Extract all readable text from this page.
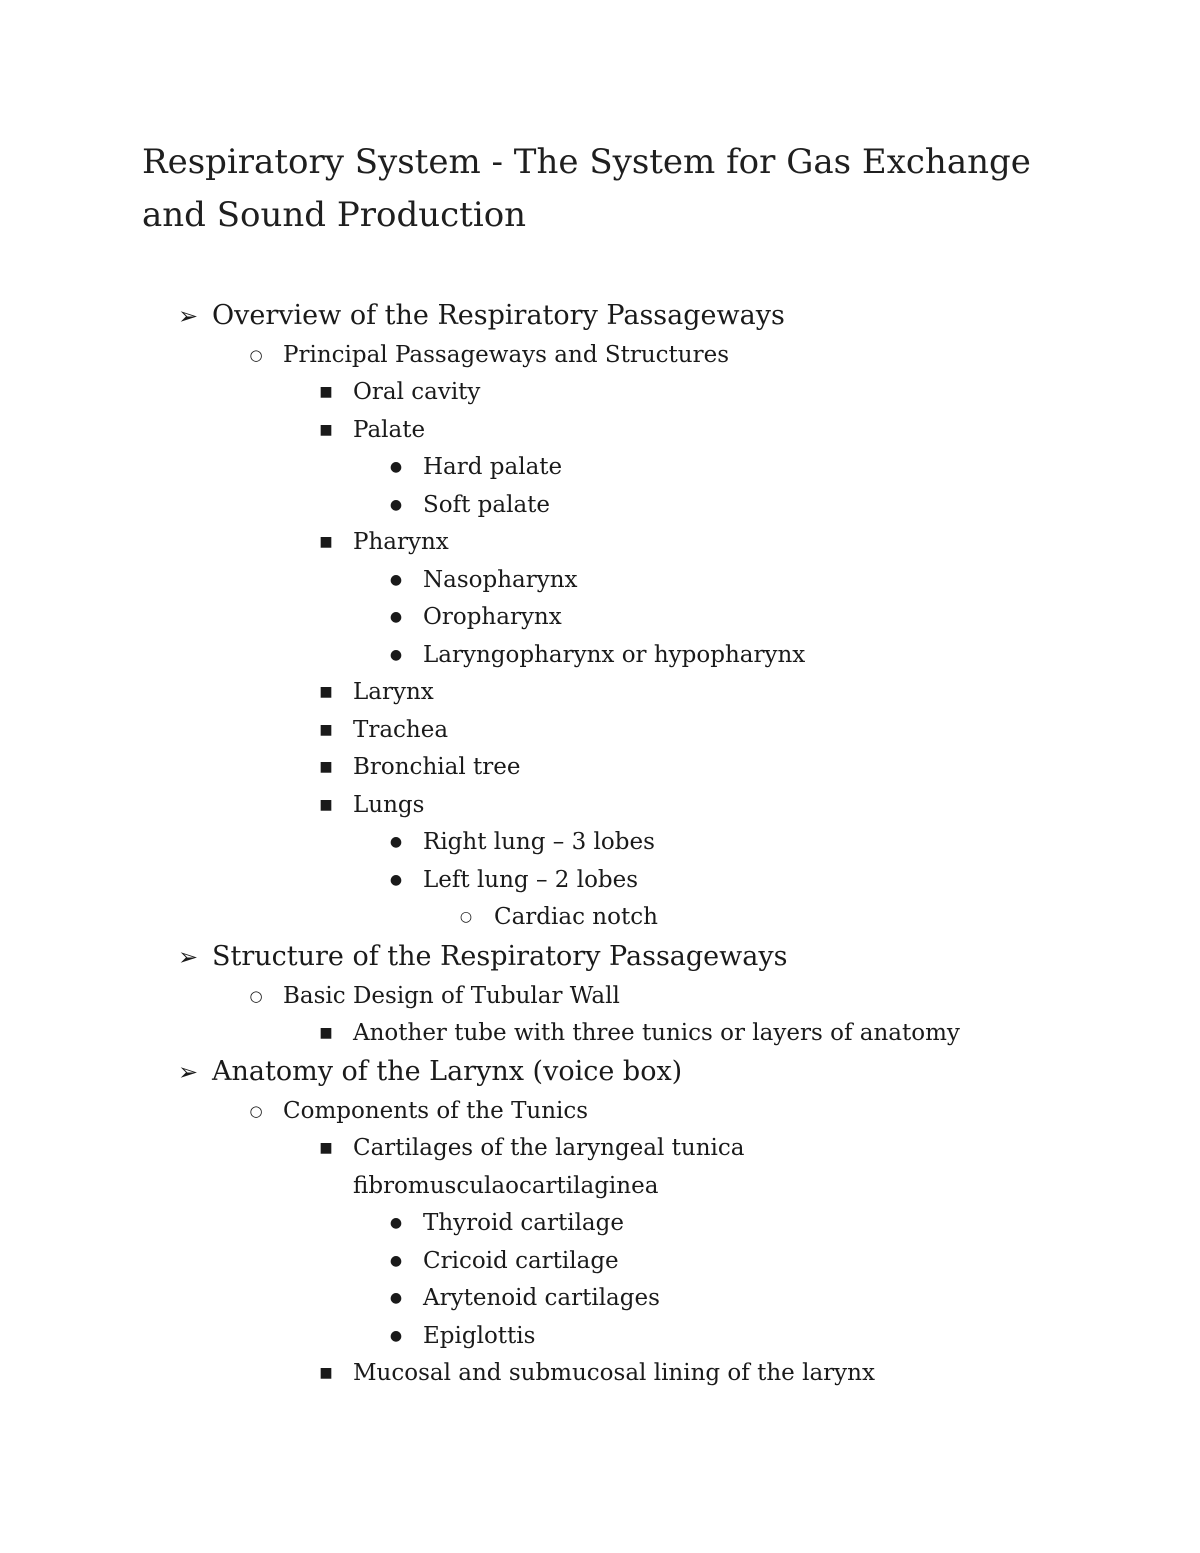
Respiratory System - The System for Gas Exchange and Sound Production
➢ Overview of the Respiratory Passageways
○ Principal Passageways and Structures
■ Oral cavity
■ Palate
● Hard palate
● Soft palate
■ Pharynx
● Nasopharynx
● Oropharynx
● Laryngopharynx or hypopharynx
■ Larynx
■ Trachea
■ Bronchial tree
■ Lungs
● Right lung – 3 lobes
● Left lung – 2 lobes
○ Cardiac notch
➢ Structure of the Respiratory Passageways
○ Basic Design of Tubular Wall
■ Another tube with three tunics or layers of anatomy
➢ Anatomy of the Larynx (voice box)
○ Components of the Tunics
■ Cartilages of the laryngeal tunica fibromusculaocartilaginea
● Thyroid cartilage
● Cricoid cartilage
● Arytenoid cartilages
● Epiglottis
■ Mucosal and submucosal lining of the larynx
